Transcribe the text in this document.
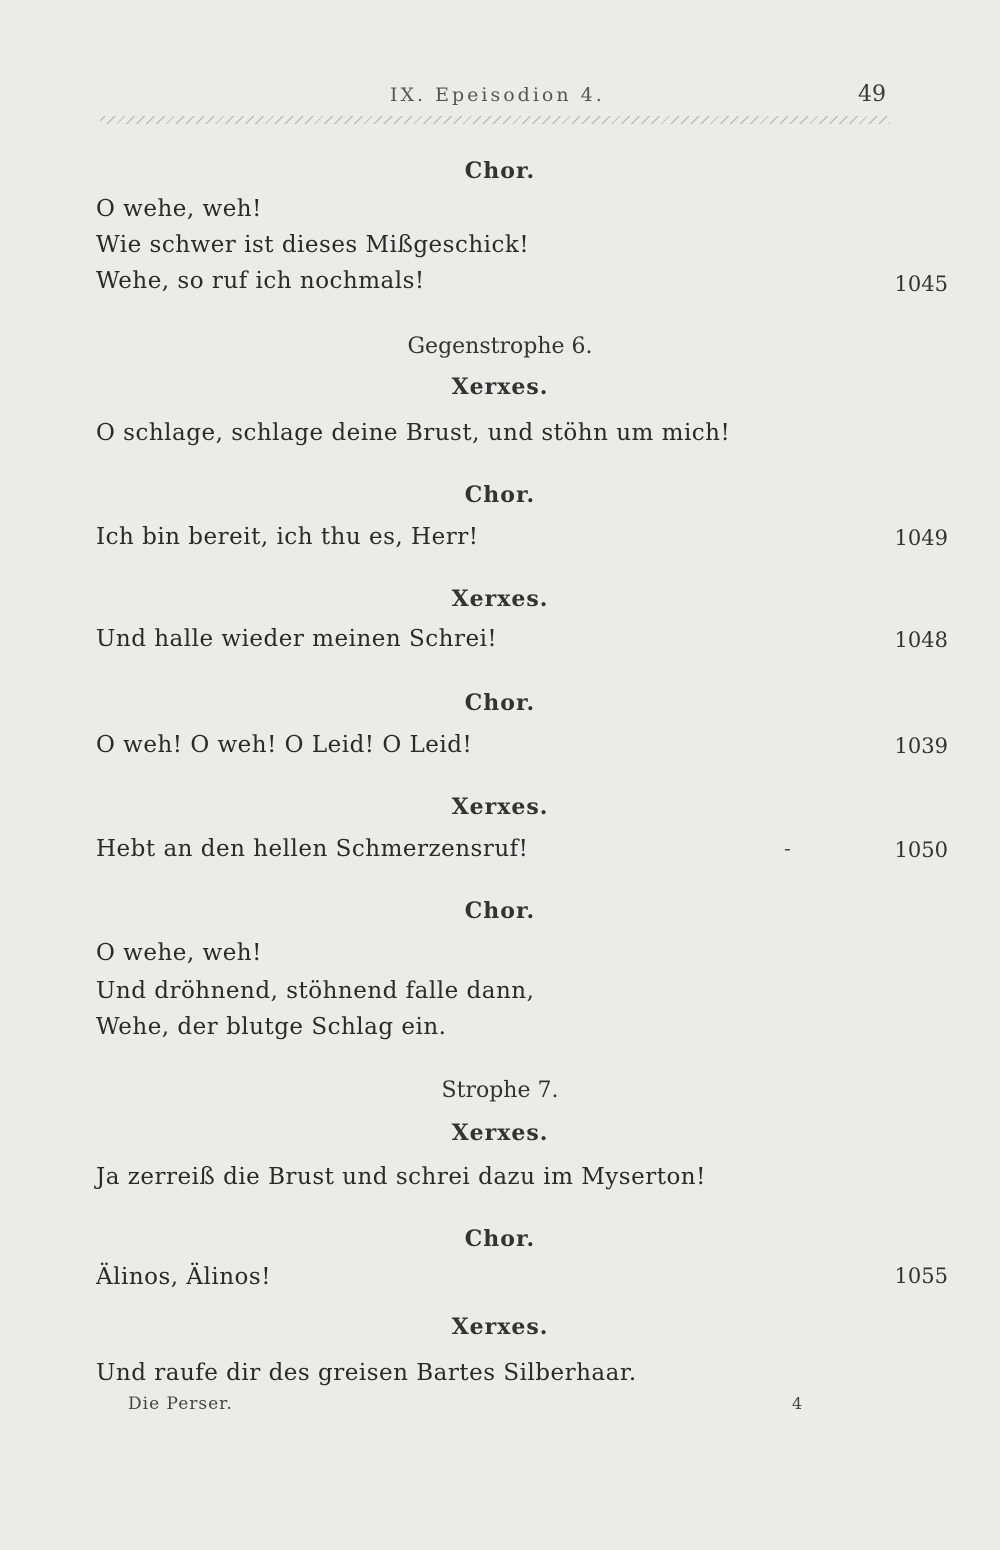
IX. Epeisodion 4.	49
Chor.
O wehe, weh!
Wie schwer ist dieses Mißgeschick!
Wehe, so ruf ich nochmals!	1045
Gegenstrophe 6.
Xerxes.
O schlage, schlage deine Brust, und stöhn um mich!
Chor.
Ich bin bereit, ich thu es, Herr!	1049
Xerxes.
Und halle wieder meinen Schrei!	1048
Chor.
O weh! O weh! O Leid! O Leid!	1039
Xerxes.
Hebt an den hellen Schmerzensruf!	-	1050
Chor.
O wehe, weh!
Und dröhnend, stöhnend falle dann,
Wehe, der blutge Schlag ein.
Strophe 7.
Xerxes.
Ja zerreiß die Brust und schrei dazu im Myserton!
Chor.
Älinos, Älinos!	1055
Xerxes.
Und raufe dir des greisen Bartes Silberhaar.
Die Perser.	4
